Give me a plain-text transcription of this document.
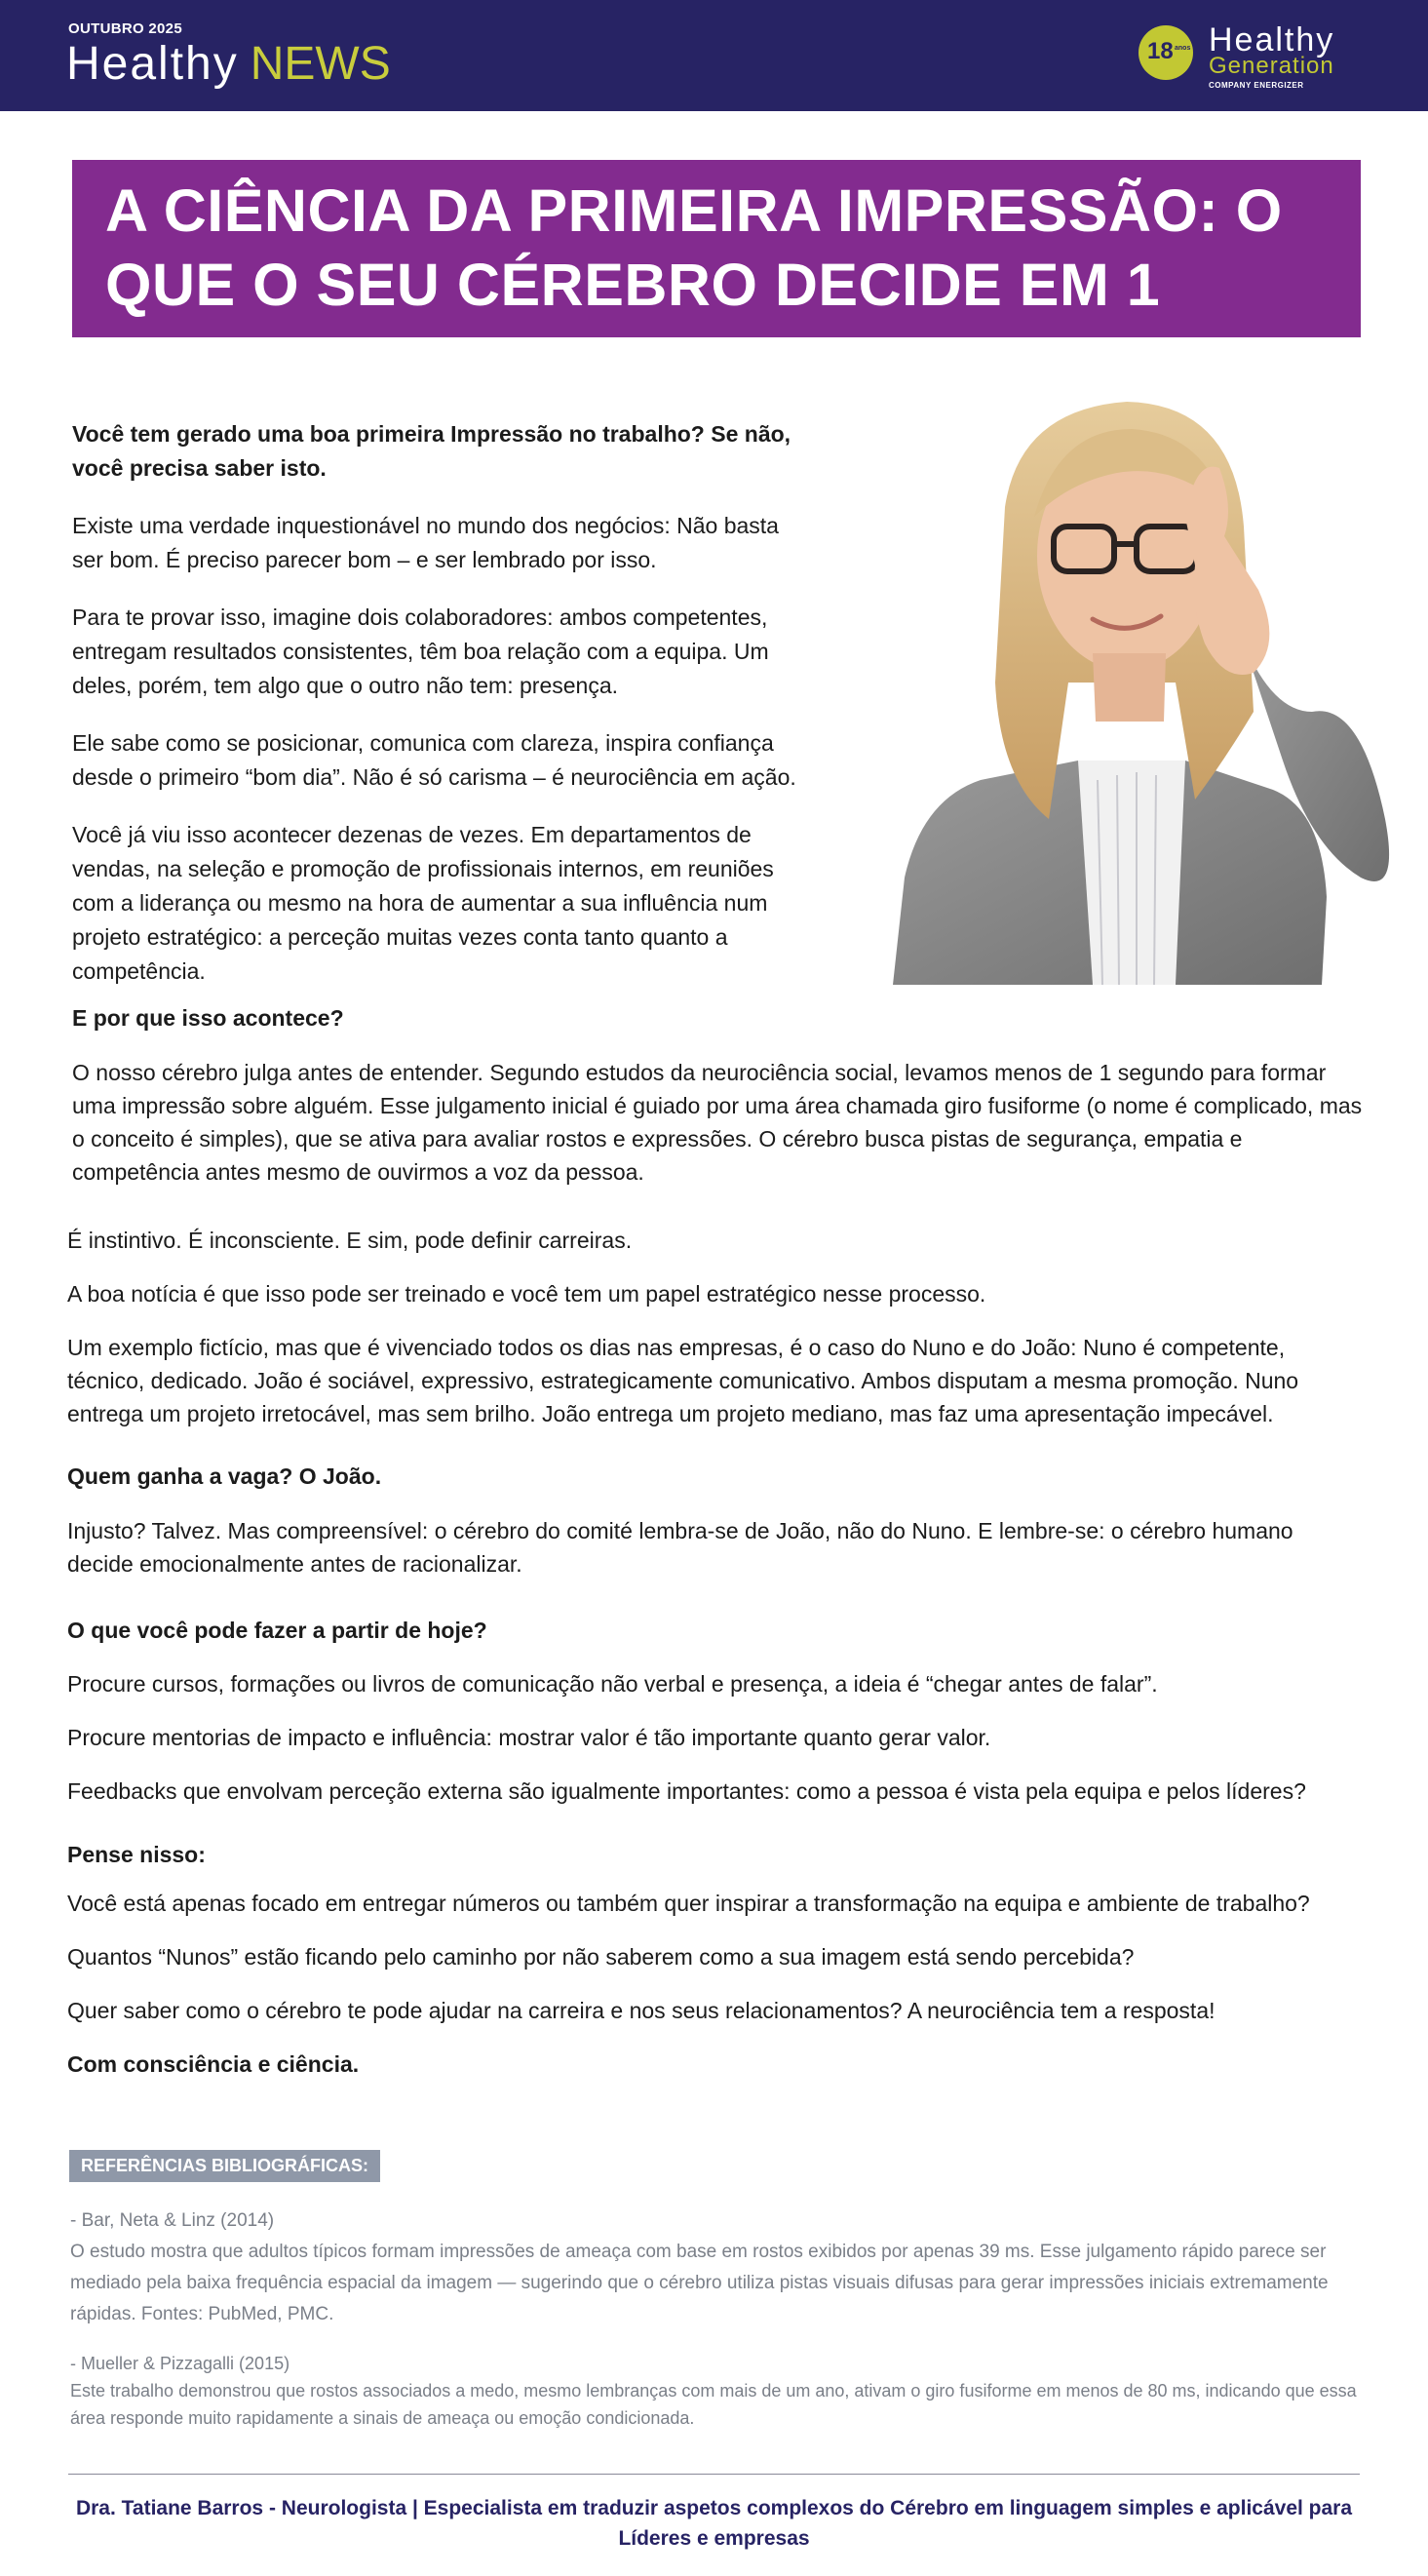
OUTUBRO 2025
Healthy NEWS	18 anos Healthy
Generation
COMPANY ENERGIZER
A CIÊNCIA DA PRIMEIRA IMPRESSÃO: O QUE O SEU CÉREBRO DECIDE EM 1 SEGUNDO

Você tem gerado uma boa primeira Impressão no trabalho? Se não, você precisa saber isto.

Existe uma verdade inquestionável no mundo dos negócios: Não basta ser bom. É preciso parecer bom – e ser lembrado por isso.

Para te provar isso, imagine dois colaboradores: ambos competentes, entregam resultados consistentes, têm boa relação com a equipa. Um deles, porém, tem algo que o outro não tem: presença.

Ele sabe como se posicionar, comunica com clareza, inspira confiança desde o primeiro “bom dia”. Não é só carisma – é neurociência em ação.

Você já viu isso acontecer dezenas de vezes. Em departamentos de vendas, na seleção e promoção de profissionais internos, em reuniões com a liderança ou mesmo na hora de aumentar a sua influência num projeto estratégico: a perceção muitas vezes conta tanto quanto a competência.

E por que isso acontece?

O nosso cérebro julga antes de entender. Segundo estudos da neurociência social, levamos menos de 1 segundo para formar uma impressão sobre alguém. Esse julgamento inicial é guiado por uma área chamada giro fusiforme (o nome é complicado, mas o conceito é simples), que se ativa para avaliar rostos e expressões. O cérebro busca pistas de segurança, empatia e competência antes mesmo de ouvirmos a voz da pessoa.

É instintivo. É inconsciente. E sim, pode definir carreiras.

A boa notícia é que isso pode ser treinado e você tem um papel estratégico nesse processo.

Um exemplo fictício, mas que é vivenciado todos os dias nas empresas, é o caso do Nuno e do João: Nuno é competente, técnico, dedicado. João é sociável, expressivo, estrategicamente comunicativo. Ambos disputam a mesma promoção. Nuno entrega um projeto irretocável, mas sem brilho. João entrega um projeto mediano, mas faz uma apresentação impecável.

Quem ganha a vaga? O João.

Injusto? Talvez. Mas compreensível: o cérebro do comité lembra-se de João, não do Nuno. E lembre-se: o cérebro humano decide emocionalmente antes de racionalizar.

O que você pode fazer a partir de hoje?

Procure cursos, formações ou livros de comunicação não verbal e presença, a ideia é “chegar antes de falar”.

Procure mentorias de impacto e influência: mostrar valor é tão importante quanto gerar valor.

Feedbacks que envolvam perceção externa são igualmente importantes: como a pessoa é vista pela equipa e pelos líderes?

Pense nisso:

Você está apenas focado em entregar números ou também quer inspirar a transformação na equipa e ambiente de trabalho?

Quantos “Nunos” estão ficando pelo caminho por não saberem como a sua imagem está sendo percebida?

Quer saber como o cérebro te pode ajudar na carreira e nos seus relacionamentos? A neurociência tem a resposta!

Com consciência e ciência.

REFERÊNCIAS BIBLIOGRÁFICAS:
- Bar, Neta & Linz (2014)
O estudo mostra que adultos típicos formam impressões de ameaça com base em rostos exibidos por apenas 39 ms. Esse julgamento rápido parece ser mediado pela baixa frequência espacial da imagem — sugerindo que o cérebro utiliza pistas visuais difusas para gerar impressões iniciais extremamente rápidas. Fontes: PubMed, PMC.
- Mueller & Pizzagalli (2015)
Este trabalho demonstrou que rostos associados a medo, mesmo lembranças com mais de um ano, ativam o giro fusiforme em menos de 80 ms, indicando que essa área responde muito rapidamente a sinais de ameaça ou emoção condicionada.
Dra. Tatiane Barros - Neurologista | Especialista em traduzir aspetos complexos do Cérebro em linguagem simples e aplicável para Líderes e empresas
